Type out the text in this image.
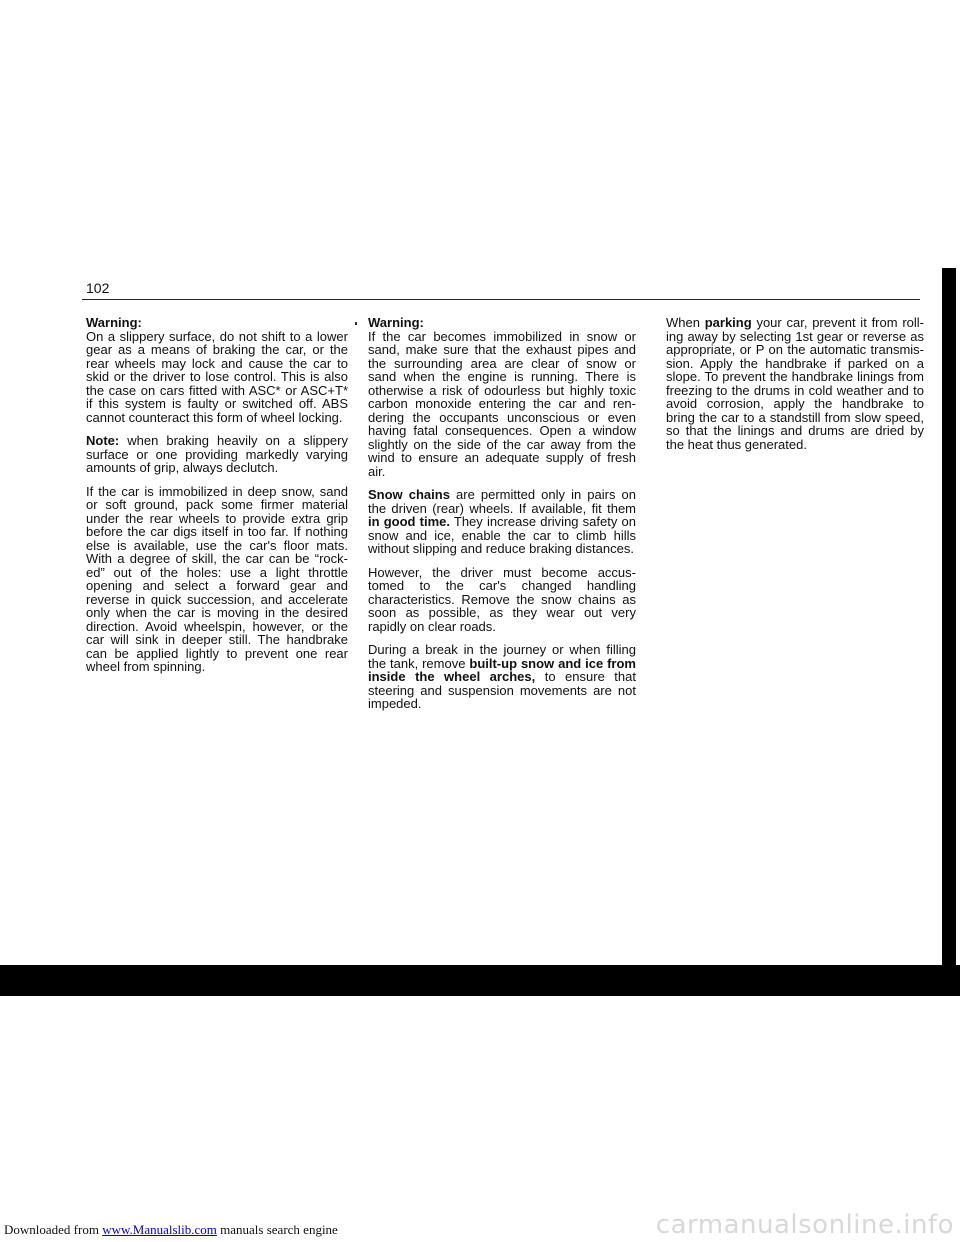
102

Warning:
On a slippery surface, do not shift to a lower gear as a means of braking the car, or the rear wheels may lock and cause the car to skid or the driver to lose control. This is also the case on cars fitted with ASC* or ASC+T* if this system is faulty or switched off. ABS cannot counteract this form of wheel locking.

Note: when braking heavily on a slippery surface or one providing markedly varying amounts of grip, always declutch.

If the car is immobilized in deep snow, sand or soft ground, pack some firmer material under the rear wheels to provide extra grip before the car digs itself in too far. If nothing else is available, use the car's floor mats. With a degree of skill, the car can be “rock-ed” out of the holes: use a light throttle opening and select a forward gear and reverse in quick succession, and accelerate only when the car is moving in the desired direction. Avoid wheelspin, however, or the car will sink in deeper still. The handbrake can be applied lightly to prevent one rear wheel from spinning.

Warning:
If the car becomes immobilized in snow or sand, make sure that the exhaust pipes and the surrounding area are clear of snow or sand when the engine is running. There is otherwise a risk of odourless but highly toxic carbon monoxide entering the car and ren-dering the occupants unconscious or even having fatal consequences. Open a window slightly on the side of the car away from the wind to ensure an adequate supply of fresh air.

Snow chains are permitted only in pairs on the driven (rear) wheels. If available, fit them in good time. They increase driving safety on snow and ice, enable the car to climb hills without slipping and reduce braking distances.

However, the driver must become accus-tomed to the car's changed handling characteristics. Remove the snow chains as soon as possible, as they wear out very rapidly on clear roads.

During a break in the journey or when filling the tank, remove built-up snow and ice from inside the wheel arches, to ensure that steering and suspension movements are not impeded.

When parking your car, prevent it from roll-ing away by selecting 1st gear or reverse as appropriate, or P on the automatic transmis-sion. Apply the handbrake if parked on a slope. To prevent the handbrake linings from freezing to the drums in cold weather and to avoid corrosion, apply the handbrake to bring the car to a standstill from slow speed, so that the linings and drums are dried by the heat thus generated.

Downloaded from www.Manualslib.com manuals search engine	carmanualsonline.info
